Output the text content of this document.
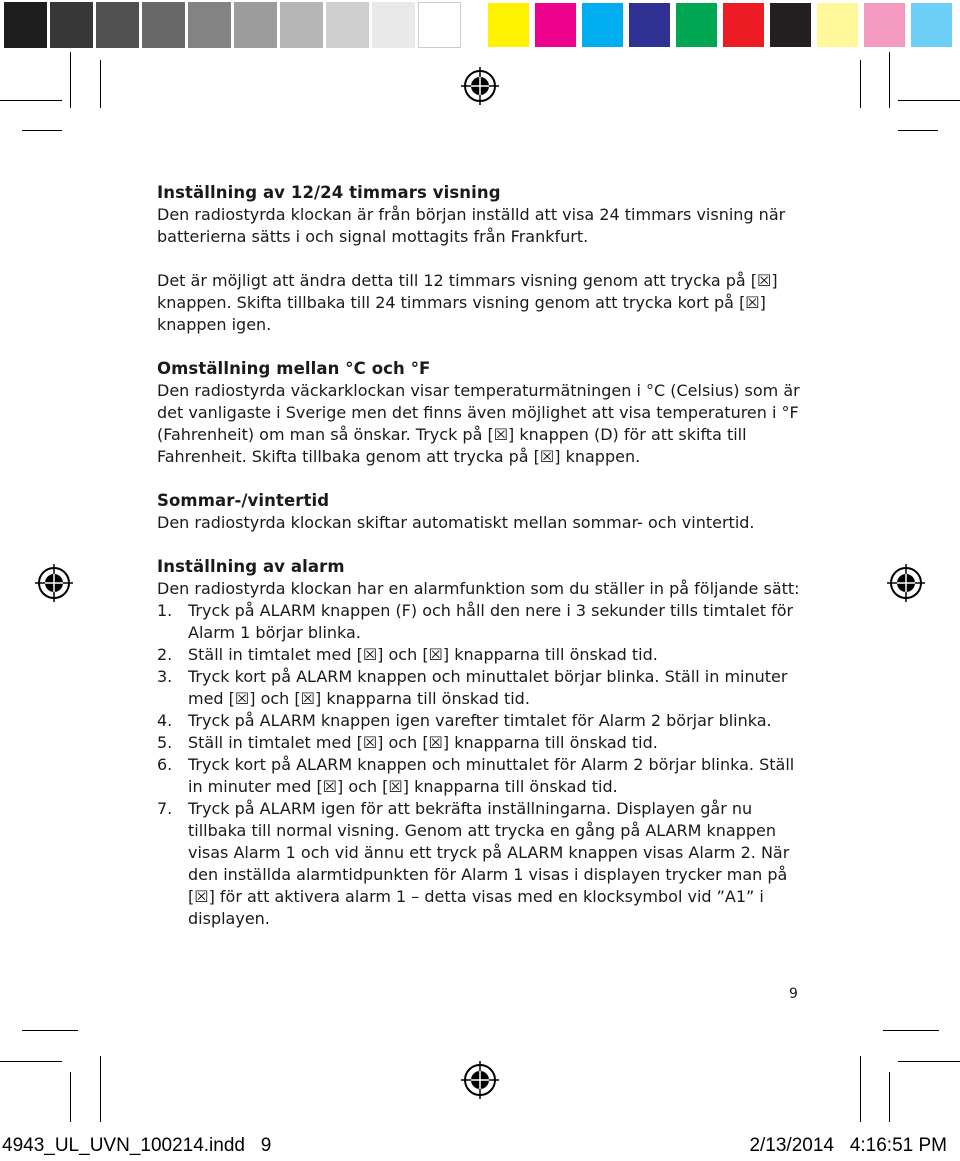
Inställning av 12/24 timmars visning
Den radiostyrda klockan är från början inställd att visa 24 timmars visning när batterierna sätts i och signal mottagits från Frankfurt.
Det är möjligt att ändra detta till 12 timmars visning genom att trycka på [☒] knappen. Skifta tillbaka till 24 timmars visning genom att trycka kort på [☒] knappen igen.
Omställning mellan °C och °F
Den radiostyrda väckarklockan visar temperaturmätningen i °C (Celsius) som är det vanligaste i Sverige men det finns även möjlighet att visa temperaturen i °F (Fahrenheit) om man så önskar. Tryck på [☒] knappen (D) för att skifta till Fahrenheit. Skifta tillbaka genom att trycka på [☒] knappen.
Sommar-/vintertid
Den radiostyrda klockan skiftar automatiskt mellan sommar- och vintertid.
Inställning av alarm
Den radiostyrda klockan har en alarmfunktion som du ställer in på följande sätt:
1. Tryck på ALARM knappen (F) och håll den nere i 3 sekunder tills timtalet för Alarm 1 börjar blinka.
2. Ställ in timtalet med [☒] och [☒] knapparna till önskad tid.
3. Tryck kort på ALARM knappen och minuttalet börjar blinka. Ställ in minuter med [☒] och [☒] knapparna till önskad tid.
4. Tryck på ALARM knappen igen varefter timtalet för Alarm 2 börjar blinka.
5. Ställ in timtalet med [☒] och [☒] knapparna till önskad tid.
6. Tryck kort på ALARM knappen och minuttalet för Alarm 2 börjar blinka. Ställ in minuter med [☒] och [☒] knapparna till önskad tid.
7. Tryck på ALARM igen för att bekräfta inställningarna. Displayen går nu tillbaka till normal visning. Genom att trycka en gång på ALARM knappen visas Alarm 1 och vid ännu ett tryck på ALARM knappen visas Alarm 2. När den inställda alarmtidpunkten för Alarm 1 visas i displayen trycker man på [☒] för att aktivera alarm 1 – detta visas med en klocksymbol vid ”A1” i displayen.
9
4943_UL_UVN_100214.indd   9	2/13/2014   4:16:51 PM
